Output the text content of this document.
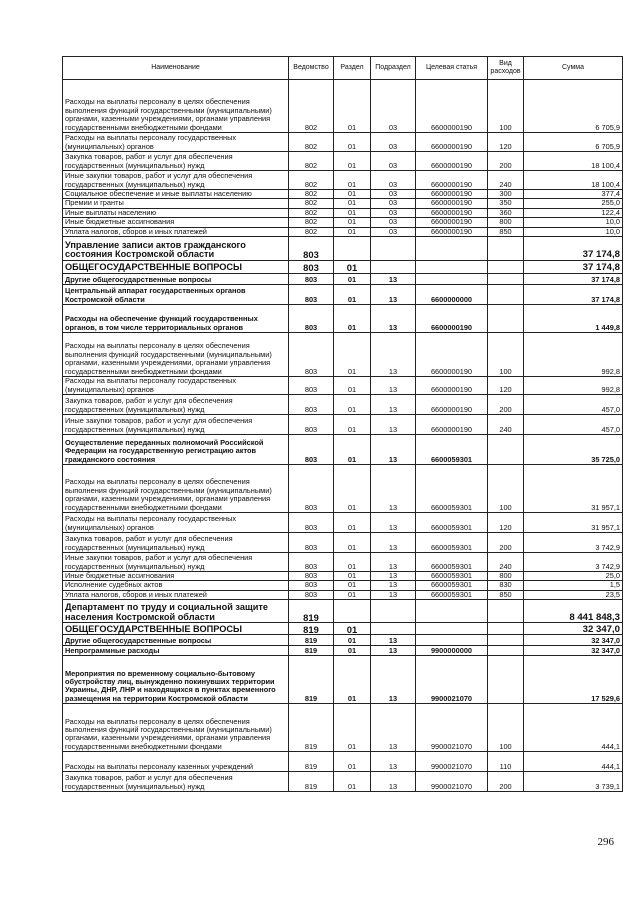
Наименование	Ведомство	Раздел	Подраздел	Целевая статья	Вид расходов	Сумма
Расходы на выплаты персоналу в целях обеспечения выполнения функций государственными (муниципальными) органами, казенными учреждениями, органами управления государственными внебюджетными фондами	802	01	03	6600000190	100	6 705,9
Расходы на выплаты персоналу государственных (муниципальных) органов	802	01	03	6600000190	120	6 705,9
Закупка товаров, работ и услуг для обеспечения государственных (муниципальных) нужд	802	01	03	6600000190	200	18 100,4
Иные закупки товаров, работ и услуг для обеспечения государственных (муниципальных) нужд	802	01	03	6600000190	240	18 100,4
Социальное обеспечение и иные выплаты населению	802	01	03	6600000190	300	377,4
Премии и гранты	802	01	03	6600000190	350	255,0
Иные выплаты населению	802	01	03	6600000190	360	122,4
Иные бюджетные ассигнования	802	01	03	6600000190	800	10,0
Уплата налогов, сборов и иных платежей	802	01	03	6600000190	850	10,0
Управление записи актов гражданского состояния Костромской области	803					37 174,8
ОБЩЕГОСУДАРСТВЕННЫЕ ВОПРОСЫ	803	01				37 174,8
Другие общегосударственные вопросы	803	01	13			37 174,8
Центральный аппарат государственных органов Костромской области	803	01	13	6600000000		37 174,8
Расходы на обеспечение функций государственных органов, в том числе территориальных органов	803	01	13	6600000190		1 449,8
Расходы на выплаты персоналу в целях обеспечения выполнения функций государственными (муниципальными) органами, казенными учреждениями, органами управления государственными внебюджетными фондами	803	01	13	6600000190	100	992,8
Расходы на выплаты персоналу государственных (муниципальных) органов	803	01	13	6600000190	120	992,8
Закупка товаров, работ и услуг для обеспечения государственных (муниципальных) нужд	803	01	13	6600000190	200	457,0
Иные закупки товаров, работ и услуг для обеспечения государственных (муниципальных) нужд	803	01	13	6600000190	240	457,0
Осуществление переданных полномочий Российской Федерации на государственную регистрацию актов гражданского состояния	803	01	13	6600059301		35 725,0
Расходы на выплаты персоналу в целях обеспечения выполнения функций государственными (муниципальными) органами, казенными учреждениями, органами управления государственными внебюджетными фондами	803	01	13	6600059301	100	31 957,1
Расходы на выплаты персоналу государственных (муниципальных) органов	803	01	13	6600059301	120	31 957,1
Закупка товаров, работ и услуг для обеспечения государственных (муниципальных) нужд	803	01	13	6600059301	200	3 742,9
Иные закупки товаров, работ и услуг для обеспечения государственных (муниципальных) нужд	803	01	13	6600059301	240	3 742,9
Иные бюджетные ассигнования	803	01	13	6600059301	800	25,0
Исполнение судебных актов	803	01	13	6600059301	830	1,5
Уплата налогов, сборов и иных платежей	803	01	13	6600059301	850	23,5
Департамент по труду и социальной защите населения Костромской области	819					8 441 848,3
ОБЩЕГОСУДАРСТВЕННЫЕ ВОПРОСЫ	819	01				32 347,0
Другие общегосударственные вопросы	819	01	13			32 347,0
Непрограммные расходы	819	01	13	9900000000		32 347,0
Мероприятия по временному социально-бытовому обустройству лиц, вынужденно покинувших территории Украины, ДНР, ЛНР и находящихся в пунктах временного размещения на территории Костромской области	819	01	13	9900021070		17 529,6
Расходы на выплаты персоналу в целях обеспечения выполнения функций государственными (муниципальными) органами, казенными учреждениями, органами управления государственными внебюджетными фондами	819	01	13	9900021070	100	444,1
Расходы на выплаты персоналу казенных учреждений	819	01	13	9900021070	110	444,1
Закупка товаров, работ и услуг для обеспечения государственных (муниципальных) нужд	819	01	13	9900021070	200	3 739,1
296
